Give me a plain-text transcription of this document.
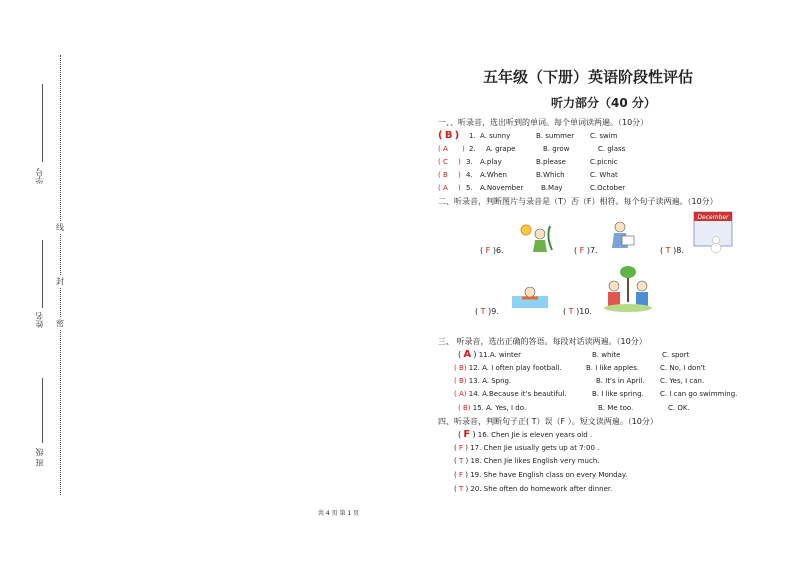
学号
姓名
班 级
线
封
密
五年级（下册）英语阶段性评估
听力部分（40 分）
一、、听录音，选出听到的单词。每个单词读两遍。（10分）
( B )	1. A. sunny	B. summer C. swim
( A ) 2. A. grape	B. grow	C. glass
( C ) 3. A.play	B.please	C.picnic
( B ) 4. A.When	B.Which	C. What
( A ) 5. A.November	B.May	C.October
二、听录音，判断图片与录音是（T）否（F）相符。每个句子读两遍。（10分）
( F )6.	( F )7.	( T )8.
December
( T )9.	( T )10.
三、 听录音，选出正确的答语。每段对话读两遍。（10分）
( A ) 11.A. winter	B. white	C. sport
( B) 12. A. I often play football.	B. I like apples.	C. No, I don't
( B) 13. A. Spng.	B. It's in April. C. Yes, I can.
( A) 14. A.Because it's beautiful.	B. I like spring. C. I can go swimming.
( B) 15. A. Yes, I do.	B. Me too.	C. OK.
四、听录音，判断句子正( T）误（F ）。短文读两遍。（10分）
( F ) 16. Chen Jie is eleven years old .
( F ) 17. Chen Jie usually gets up at 7:00 .
( T ) 18. Chen Jie likes English very much.
( F ) 19. She have English class on every Monday.
( T ) 20. She often do homework after dinner.
共 4 页 第 1 页
